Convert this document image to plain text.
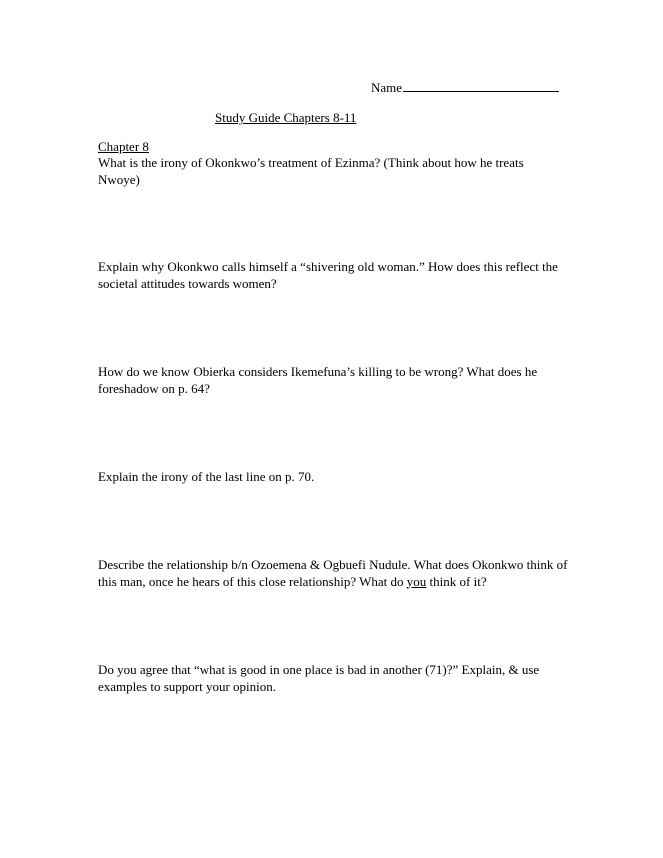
Name
Study Guide Chapters 8-11
Chapter 8
What is the irony of Okonkwo’s treatment of Ezinma? (Think about how he treats Nwoye)
Explain why Okonkwo calls himself a “shivering old woman.” How does this reflect the societal attitudes towards women?
How do we know Obierka considers Ikemefuna’s killing to be wrong? What does he foreshadow on p. 64?
Explain the irony of the last line on p. 70.
Describe the relationship b/n Ozoemena & Ogbuefi Nudule. What does Okonkwo think of this man, once he hears of this close relationship? What do you think of it?
Do you agree that “what is good in one place is bad in another (71)?” Explain, & use examples to support your opinion.
